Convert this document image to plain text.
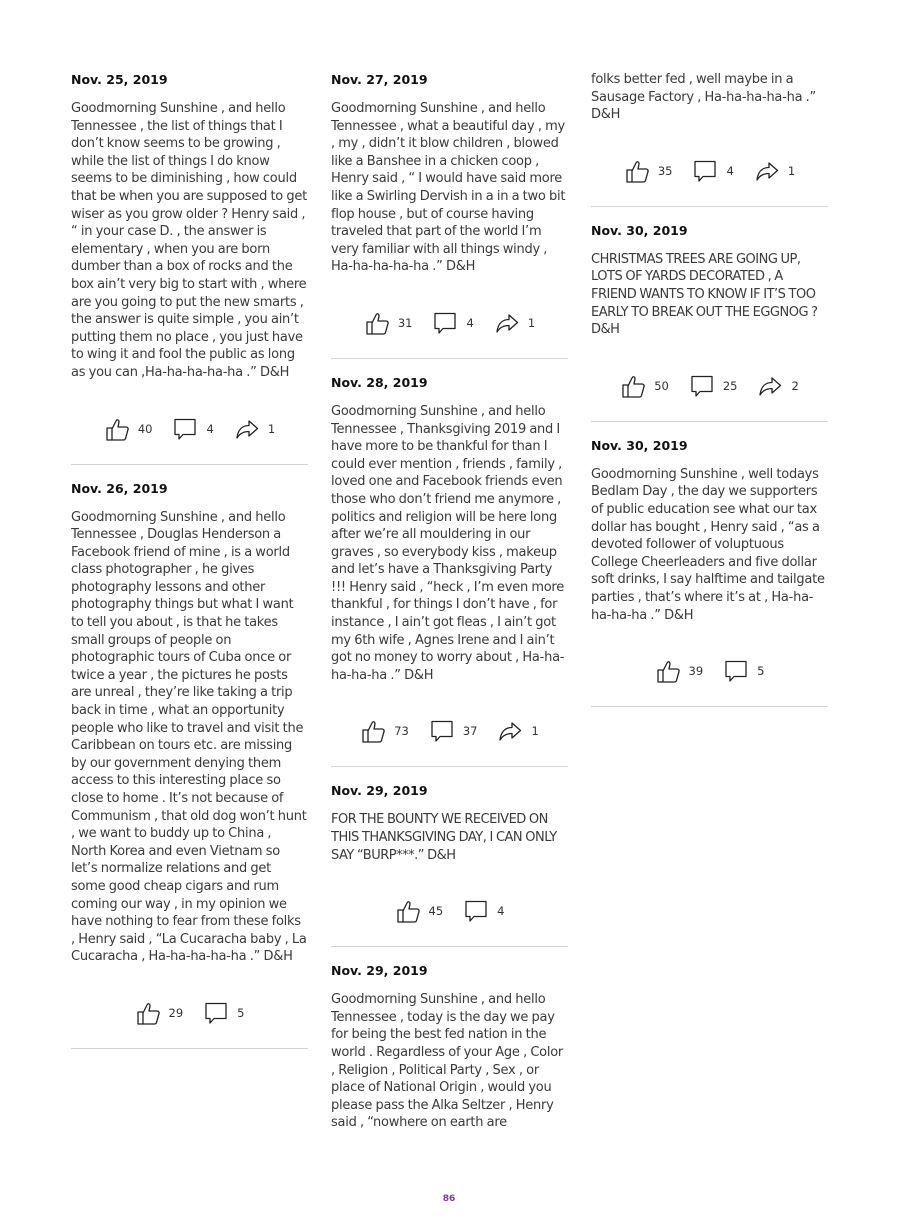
Nov. 25, 2019

Goodmorning Sunshine , and hello Tennessee , the list of things that I don’t know seems to be growing , while the list of things I do know seems to be diminishing , how could that be when you are supposed to get wiser as you grow older ? Henry said , “ in your case D. , the answer is elementary , when you are born dumber than a box of rocks and the box ain’t very big to start with , where are you going to put the new smarts , the answer is quite simple , you ain’t putting them no place , you just have to wing it and fool the public as long as you can ,Ha-ha-ha-ha-ha .” D&H

40	4	1

Nov. 26, 2019

Goodmorning Sunshine , and hello Tennessee , Douglas Henderson a Facebook friend of mine , is a world class photographer , he gives photography lessons and other photography things but what I want to tell you about , is that he takes small groups of people on photographic tours of Cuba once or twice a year , the pictures he posts are unreal , they’re like taking a trip back in time , what an opportunity people who like to travel and visit the Caribbean on tours etc. are missing by our government denying them access to this interesting place so close to home . It’s not because of Communism , that old dog won’t hunt , we want to buddy up to China , North Korea and even Vietnam so let’s normalize relations and get some good cheap cigars and rum coming our way , in my opinion we have nothing to fear from these folks , Henry said , “La Cucaracha baby , La Cucaracha , Ha-ha-ha-ha-ha .” D&H

29	5

Nov. 27, 2019

Goodmorning Sunshine , and hello Tennessee , what a beautiful day , my , my , didn’t it blow children , blowed like a Banshee in a chicken coop , Henry said , “ I would have said more like a Swirling Dervish in a in a two bit flop house , but of course having traveled that part of the world I’m very familiar with all things windy , Ha-ha-ha-ha-ha .” D&H

31	4	1

Nov. 28, 2019

Goodmorning Sunshine , and hello Tennessee , Thanksgiving 2019 and I have more to be thankful for than I could ever mention , friends , family , loved one and Facebook friends even those who don’t friend me anymore , politics and religion will be here long after we’re all mouldering in our graves , so everybody kiss , makeup and let’s have a Thanksgiving Party !!! Henry said , “heck , I’m even more thankful , for things I don’t have , for instance , I ain’t got fleas , I ain’t got my 6th wife , Agnes Irene and I ain’t got no money to worry about , Ha-ha-ha-ha-ha .” D&H

73	37	1

Nov. 29, 2019

FOR THE BOUNTY WE RECEIVED ON THIS THANKSGIVING DAY, I CAN ONLY SAY “BURP***.” D&H

45	4

Nov. 29, 2019

Goodmorning Sunshine , and hello Tennessee , today is the day we pay for being the best fed nation in the world . Regardless of your Age , Color , Religion , Political Party , Sex , or place of National Origin , would you please pass the Alka Seltzer , Henry said , “nowhere on earth are

folks better fed , well maybe in a Sausage Factory , Ha-ha-ha-ha-ha .” D&H

35	4	1

Nov. 30, 2019

CHRISTMAS TREES ARE GOING UP, LOTS OF YARDS DECORATED , A FRIEND WANTS TO KNOW IF IT’S TOO EARLY TO BREAK OUT THE EGGNOG ? D&H

50	25	2

Nov. 30, 2019

Goodmorning Sunshine , well todays Bedlam Day , the day we supporters of public education see what our tax dollar has bought , Henry said , “as a devoted follower of voluptuous College Cheerleaders and five dollar soft drinks, I say halftime and tailgate parties , that’s where it’s at , Ha-ha-ha-ha-ha .” D&H

39	5
86
